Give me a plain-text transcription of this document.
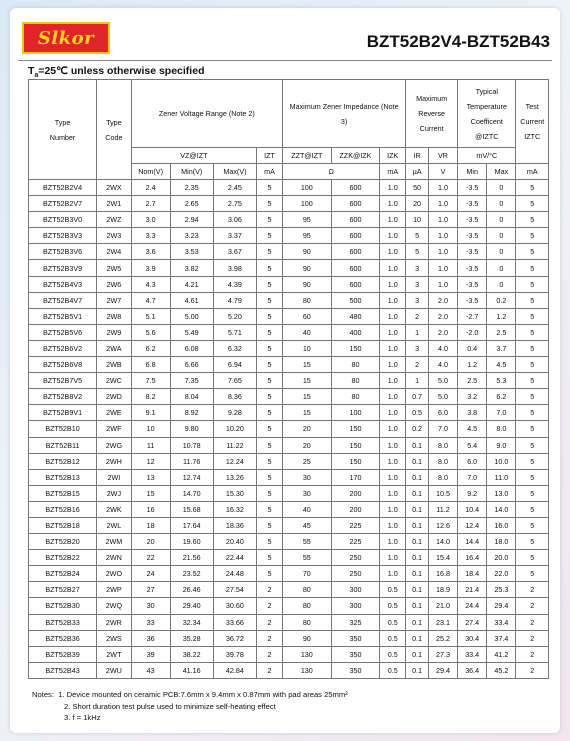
Slkor	BZT52B2V4-BZT52B43
$T_a=25℃$ unless otherwise specified
Type Number	Type Code	Zener Voltage Range (Note 2)				Maximum Zener Impedance (Note 3)			Maximum Reverse Current		Typical Temperature Coefficent @IZTC		Test Current IZTC
		VZ@IZT			IZT	ZZT@IZT	ZZK@IZK	IZK	IR	VR	mV/°C		
		Nom(V)	Min(V)	Max(V)	mA	Ω		mA	μA	V	Min	Max	mA
BZT52B2V4	2WX	2.4	2.35	2.45	5	100	600	1.0	50	1.0	-3.5	0	5
BZT52B2V7	2W1	2.7	2.65	2.75	5	100	600	1.0	20	1.0	-3.5	0	5
BZT52B3V0	2WZ	3.0	2.94	3.06	5	95	600	1.0	10	1.0	-3.5	0	5
BZT52B3V3	2W3	3.3	3.23	3.37	5	95	600	1.0	5	1.0	-3.5	0	5
BZT52B3V6	2W4	3.6	3.53	3.67	5	90	600	1.0	5	1.0	-3.5	0	5
BZT52B3V9	2W5	3.9	3.82	3.98	5	90	600	1.0	3	1.0	-3.5	0	5
BZT52B4V3	2W6	4.3	4.21	4.39	5	90	600	1.0	3	1.0	-3.5	0	5
BZT52B4V7	2W7	4.7	4.61	4.79	5	80	500	1.0	3	2.0	-3.5	0.2	5
BZT52B5V1	2W8	5.1	5.00	5.20	5	60	480	1.0	2	2.0	-2.7	1.2	5
BZT52B5V6	2W9	5.6	5.49	5.71	5	40	400	1.0	1	2.0	-2.0	2.5	5
BZT52B6V2	2WA	6.2	6.08	6.32	5	10	150	1.0	3	4.0	0.4	3.7	5
BZT52B6V8	2WB	6.8	6.66	6.94	5	15	80	1.0	2	4.0	1.2	4.5	5
BZT52B7V5	2WC	7.5	7.35	7.65	5	15	80	1.0	1	5.0	2.5	5.3	5
BZT52B8V2	2WD	8.2	8.04	8.36	5	15	80	1.0	0.7	5.0	3.2	6.2	5
BZT52B9V1	2WE	9.1	8.92	9.28	5	15	100	1.0	0.5	6.0	3.8	7.0	5
BZT52B10	2WF	10	9.80	10.20	5	20	150	1.0	0.2	7.0	4.5	8.0	5
BZT52B11	2WG	11	10.78	11.22	5	20	150	1.0	0.1	8.0	5.4	9.0	5
BZT52B12	2WH	12	11.76	12.24	5	25	150	1.0	0.1	8.0	6.0	10.0	5
BZT52B13	2WI	13	12.74	13.26	5	30	170	1.0	0.1	8.0	7.0	11.0	5
BZT52B15	2WJ	15	14.70	15.30	5	30	200	1.0	0.1	10.5	9.2	13.0	5
BZT52B16	2WK	16	15.68	16.32	5	40	200	1.0	0.1	11.2	10.4	14.0	5
BZT52B18	2WL	18	17.64	18.36	5	45	225	1.0	0.1	12.6	12.4	16.0	5
BZT52B20	2WM	20	19.60	20.40	5	55	225	1.0	0.1	14.0	14.4	18.0	5
BZT52B22	2WN	22	21.56	22.44	5	55	250	1.0	0.1	15.4	16.4	20.0	5
BZT52B24	2WO	24	23.52	24.48	5	70	250	1.0	0.1	16.8	18.4	22.0	5
BZT52B27	2WP	27	26.46	27.54	2	80	300	0.5	0.1	18.9	21.4	25.3	2
BZT52B30	2WQ	30	29.40	30.60	2	80	300	0.5	0.1	21.0	24.4	29.4	2
BZT52B33	2WR	33	32.34	33.66	2	80	325	0.5	0.1	23.1	27.4	33.4	2
BZT52B36	2WS	36	35.28	36.72	2	90	350	0.5	0.1	25.2	30.4	37.4	2
BZT52B39	2WT	39	38.22	39.78	2	130	350	0.5	0.1	27.3	33.4	41.2	2
BZT52B43	2WU	43	41.16	42.84	2	130	350	0.5	0.1	29.4	36.4	45.2	2
Notes: 1. Device mounted on ceramic PCB:7.6mm x 9.4mm x 0.87mm with pad areas 25mm²
2. Short duration test pulse used to minimize self-heating effect
3. f = 1kHz
